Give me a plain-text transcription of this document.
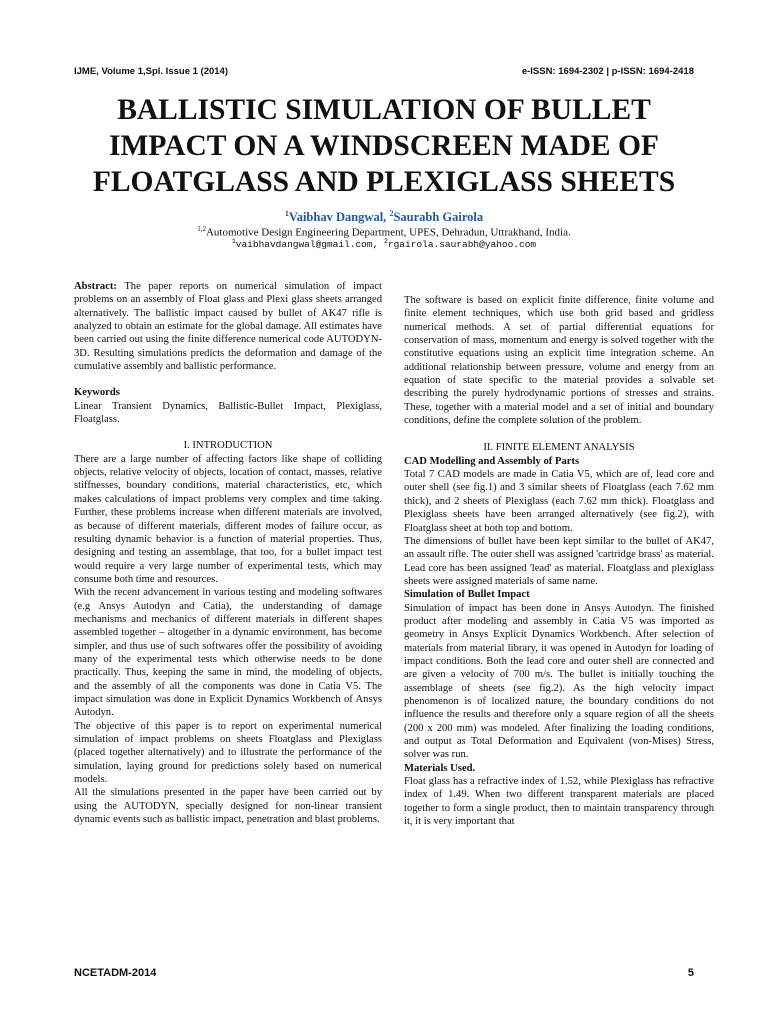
IJME, Volume 1,Spl. Issue 1 (2014)	e-ISSN: 1694-2302 | p-ISSN: 1694-2418
BALLISTIC SIMULATION OF BULLET IMPACT ON A WINDSCREEN MADE OF FLOATGLASS AND PLEXIGLASS SHEETS
$^1$Vaibhav Dangwal, $^2$Saurabh Gairola
$^{1,2}$Automotive Design Engineering Department, UPES, Dehradun, Uttrakhand, India.
$^1$vaibhavdangwal@gmail.com, $^2$rgairola.saurabh@yahoo.com

Abstract: The paper reports on numerical simulation of impact problems on an assembly of Float glass and Plexi glass sheets arranged alternatively. The ballistic impact caused by bullet of AK47 rifle is analyzed to obtain an estimate for the global damage. All estimates have been carried out using the finite difference numerical code AUTODYN-3D. Resulting simulations predicts the deformation and damage of the cumulative assembly and ballistic performance.

Keywords

Linear Transient Dynamics, Ballistic-Bullet Impact, Plexiglass, Floatglass.

I. INTRODUCTION

There are a large number of affecting factors like shape of colliding objects, relative velocity of objects, location of contact, masses, relative stiffnesses, boundary conditions, material characteristics, etc, which makes calculations of impact problems very complex and time taking. Further, these problems increase when different materials are involved, as because of different materials, different modes of failure occur, as resulting dynamic behavior is a function of material properties. Thus, designing and testing an assemblage, that too, for a bullet impact test would require a very large number of experimental tests, which may consume both time and resources.

With the recent advancement in various testing and modeling softwares (e.g Ansys Autodyn and Catia), the understanding of damage mechanisms and mechanics of different materials in different shapes assembled together – altogether in a dynamic environment, has become simpler, and thus use of such softwares offer the possibility of avoiding many of the experimental tests which otherwise needs to be done practically. Thus, keeping the same in mind, the modeling of objects, and the assembly of all the components was done in Catia V5. The impact simulation was done in Explicit Dynamics Workbench of Ansys Autodyn.

The objective of this paper is to report on experimental numerical simulation of impact problems on sheets Floatglass and Plexiglass (placed together alternatively) and to illustrate the performance of the simulation, laying ground for predictions solely based on numerical models.

All the simulations presented in the paper have been carried out by using the AUTODYN, specially designed for non-linear transient dynamic events such as ballistic impact, penetration and blast problems.

The software is based on explicit finite difference, finite volume and finite element techniques, which use both grid based and gridless numerical methods. A set of partial differential equations for conservation of mass, momentum and energy is solved together with the constitutive equations using an explicit time integration scheme. An additional relationship between pressure, volume and energy from an equation of state specific to the material provides a solvable set describing the purely hydrodynamic portions of stresses and strains. These, together with a material model and a set of initial and boundary conditions, define the complete solution of the problem.

II. FINITE ELEMENT ANALYSIS

CAD Modelling and Assembly of Parts

Total 7 CAD models are made in Catia V5, which are of, lead core and outer shell (see fig.1) and 3 similar sheets of Floatglass (each 7.62 mm thick), and 2 sheets of Plexiglass (each 7.62 mm thick). Floatglass and Plexiglass sheets have been arranged alternatively (see fig.2), with Floatglass sheet at both top and bottom.

The dimensions of bullet have been kept similar to the bullet of AK47, an assault rifle. The outer shell was assigned 'cartridge brass' as material. Lead core has been assigned 'lead' as material. Floatglass and plexiglass sheets were assigned materials of same name.

Simulation of Bullet Impact

Simulation of impact has been done in Ansys Autodyn. The finished product after modeling and assembly in Catia V5 was imported as geometry in Ansys Explicit Dynamics Workbench. After selection of materials from material library, it was opened in Autodyn for loading of impact conditions. Both the lead core and outer shell are connected and are given a velocity of 700 m/s. The bullet is initially touching the assemblage of sheets (see fig.2). As the high velocity impact phenomenon is of localized nature, the boundary conditions do not influence the results and therefore only a square region of all the sheets (200 x 200 mm) was modeled. After finalizing the loading conditions, and output as Total Deformation and Equivalent (von-Mises) Stress, solver was run.

Materials Used.

Float glass has a refractive index of 1.52, while Plexiglass has refractive index of 1.49. When two different transparent materials are placed together to form a single product, then to maintain transparency through it, it is very important that

NCETADM-2014	5
